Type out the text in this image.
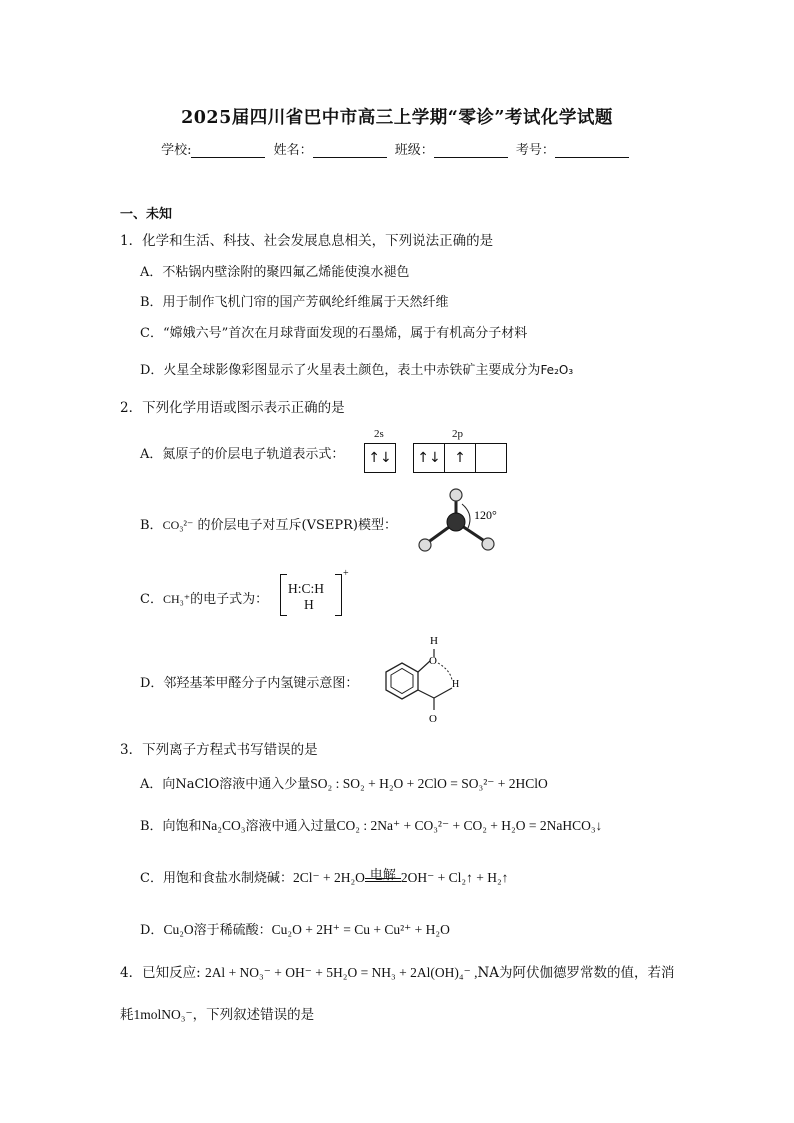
2025届四川省巴中市高三上学期“零诊”考试化学试题
学校:	姓名：	班级：	考号：
一、未知
1．化学和生活、科技、社会发展息息相关，下列说法正确的是
A．不粘锅内壁涂附的聚四氟乙烯能使溴水褪色
B．用于制作飞机门帘的国产芳砜纶纤维属于天然纤维
C．“嫦娥六号”首次在月球背面发现的石墨烯，属于有机高分子材料
D．火星全球影像彩图显示了火星表土颜色，表土中赤铁矿主要成分为Fe₂O₃
2．下列化学用语或图示表示正确的是
A．氮原子的价层电子轨道表示式：
2s	2p
↑↓ ↑↓ ↑
B．CO₃²⁻ 的价层电子对互斥(VSEPR)模型：
120°
C．CH₃⁺的电子式为：
H:C:H
H
+
D．邻羟基苯甲醛分子内氢键示意图：
H
O
H
O
3．下列离子方程式书写错误的是
A．向NaClO溶液中通入少量SO₂ : SO₂ + H₂O + 2ClO = SO₃²⁻ + 2HClO
B．向饱和Na₂CO₃溶液中通入过量CO₂ : 2Na⁺ + CO₃²⁻ + CO₂ + H₂O = 2NaHCO₃↓
C．用饱和食盐水制烧碱：2Cl⁻ + 2H₂O 电解 2OH⁻ + Cl₂↑ + H₂↑
D．Cu₂O溶于稀硫酸：Cu₂O + 2H⁺ = Cu + Cu²⁺ + H₂O
4．已知反应: 2Al + NO₃⁻ + OH⁻ + 5H₂O = NH₃ + 2Al(OH)₄⁻ ,NA为阿伏伽德罗常数的值，若消
耗1molNO₃⁻，下列叙述错误的是
